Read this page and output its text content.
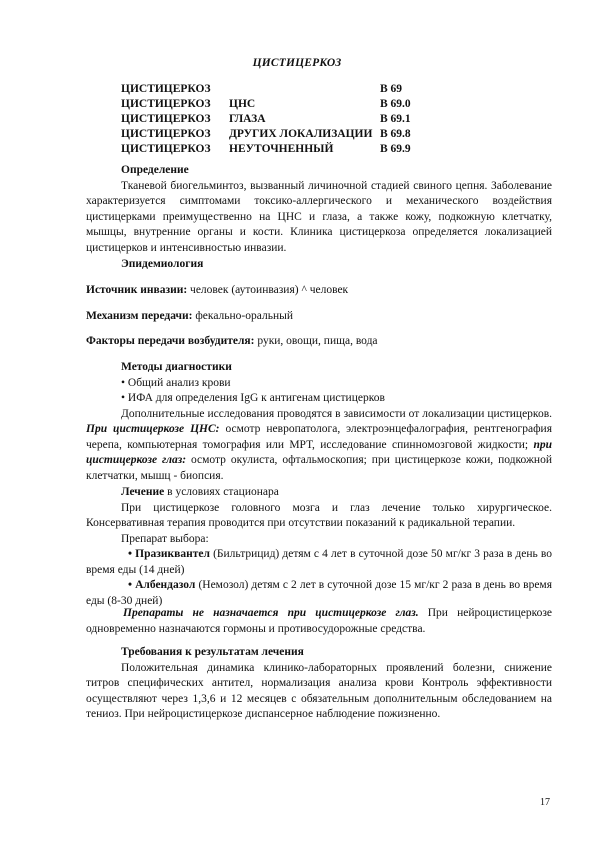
ЦИСТИЦЕРКОЗ
ЦИСТИЦЕРКОЗ	В 69
ЦИСТИЦЕРКОЗ ЦНС	В 69.0
ЦИСТИЦЕРКОЗ ГЛАЗА	В 69.1
ЦИСТИЦЕРКОЗ ДРУГИХ ЛОКАЛИЗАЦИИ В 69.8
ЦИСТИЦЕРКОЗ НЕУТОЧНЕННЫЙ	В 69.9
Определение
Тканевой биогельминтоз, вызванный личиночной стадией свиного цепня. Заболевание характеризуется симптомами токсико-аллергического и механического воздействия цистицерками преимущественно на ЦНС и глаза, а также кожу, подкожную клетчатку, мышцы, внутренние органы и кости. Клиника цистицеркоза определяется локализацией цистицерков и интенсивностью инвазии.
Эпидемиология
Источник инвазии: человек (аутоинвазия) ^ человек
Механизм передачи: фекально-оральный
Факторы передачи возбудителя: руки, овощи, пища, вода
Методы диагностики
• Общий анализ крови
• ИФА для определения IgG к антигенам цистицерков
Дополнительные исследования проводятся в зависимости от локализации цистицерков. При цистицеркозе ЦНС: осмотр невропатолога, электроэнцефалография, рентгенография черепа, компьютерная томография или МРТ, исследование спинномозговой жидкости; при цистицеркозе глаз: осмотр окулиста, офтальмоскопия; при цистицеркозе кожи, подкожной клетчатки, мышц - биопсия.
Лечение в условиях стационара
При цистицеркозе головного мозга и глаз лечение только хирургическое. Консервативная терапия проводится при отсутствии показаний к радикальной терапии.
Препарат выбора:
• Празиквантел (Бильтрицид) детям с 4 лет в суточной дозе 50 мг/кг 3 раза в день во время еды (14 дней)
• Албендазол (Немозол) детям с 2 лет в суточной дозе 15 мг/кг 2 раза в день во время еды (8-30 дней)
Препараты не назначается при цистицеркозе глаз. При нейроцистицеркозе одновременно назначаются гормоны и противосудорожные средства.
Требования к результатам лечения
Положительная динамика клинико-лабораторных проявлений болезни, снижение титров специфических антител, нормализация анализа крови Контроль эффективности осуществляют через 1,3,6 и 12 месяцев с обязательным дополнительным обследованием на тениоз. При нейроцистицеркозе диспансерное наблюдение пожизненно.
17
